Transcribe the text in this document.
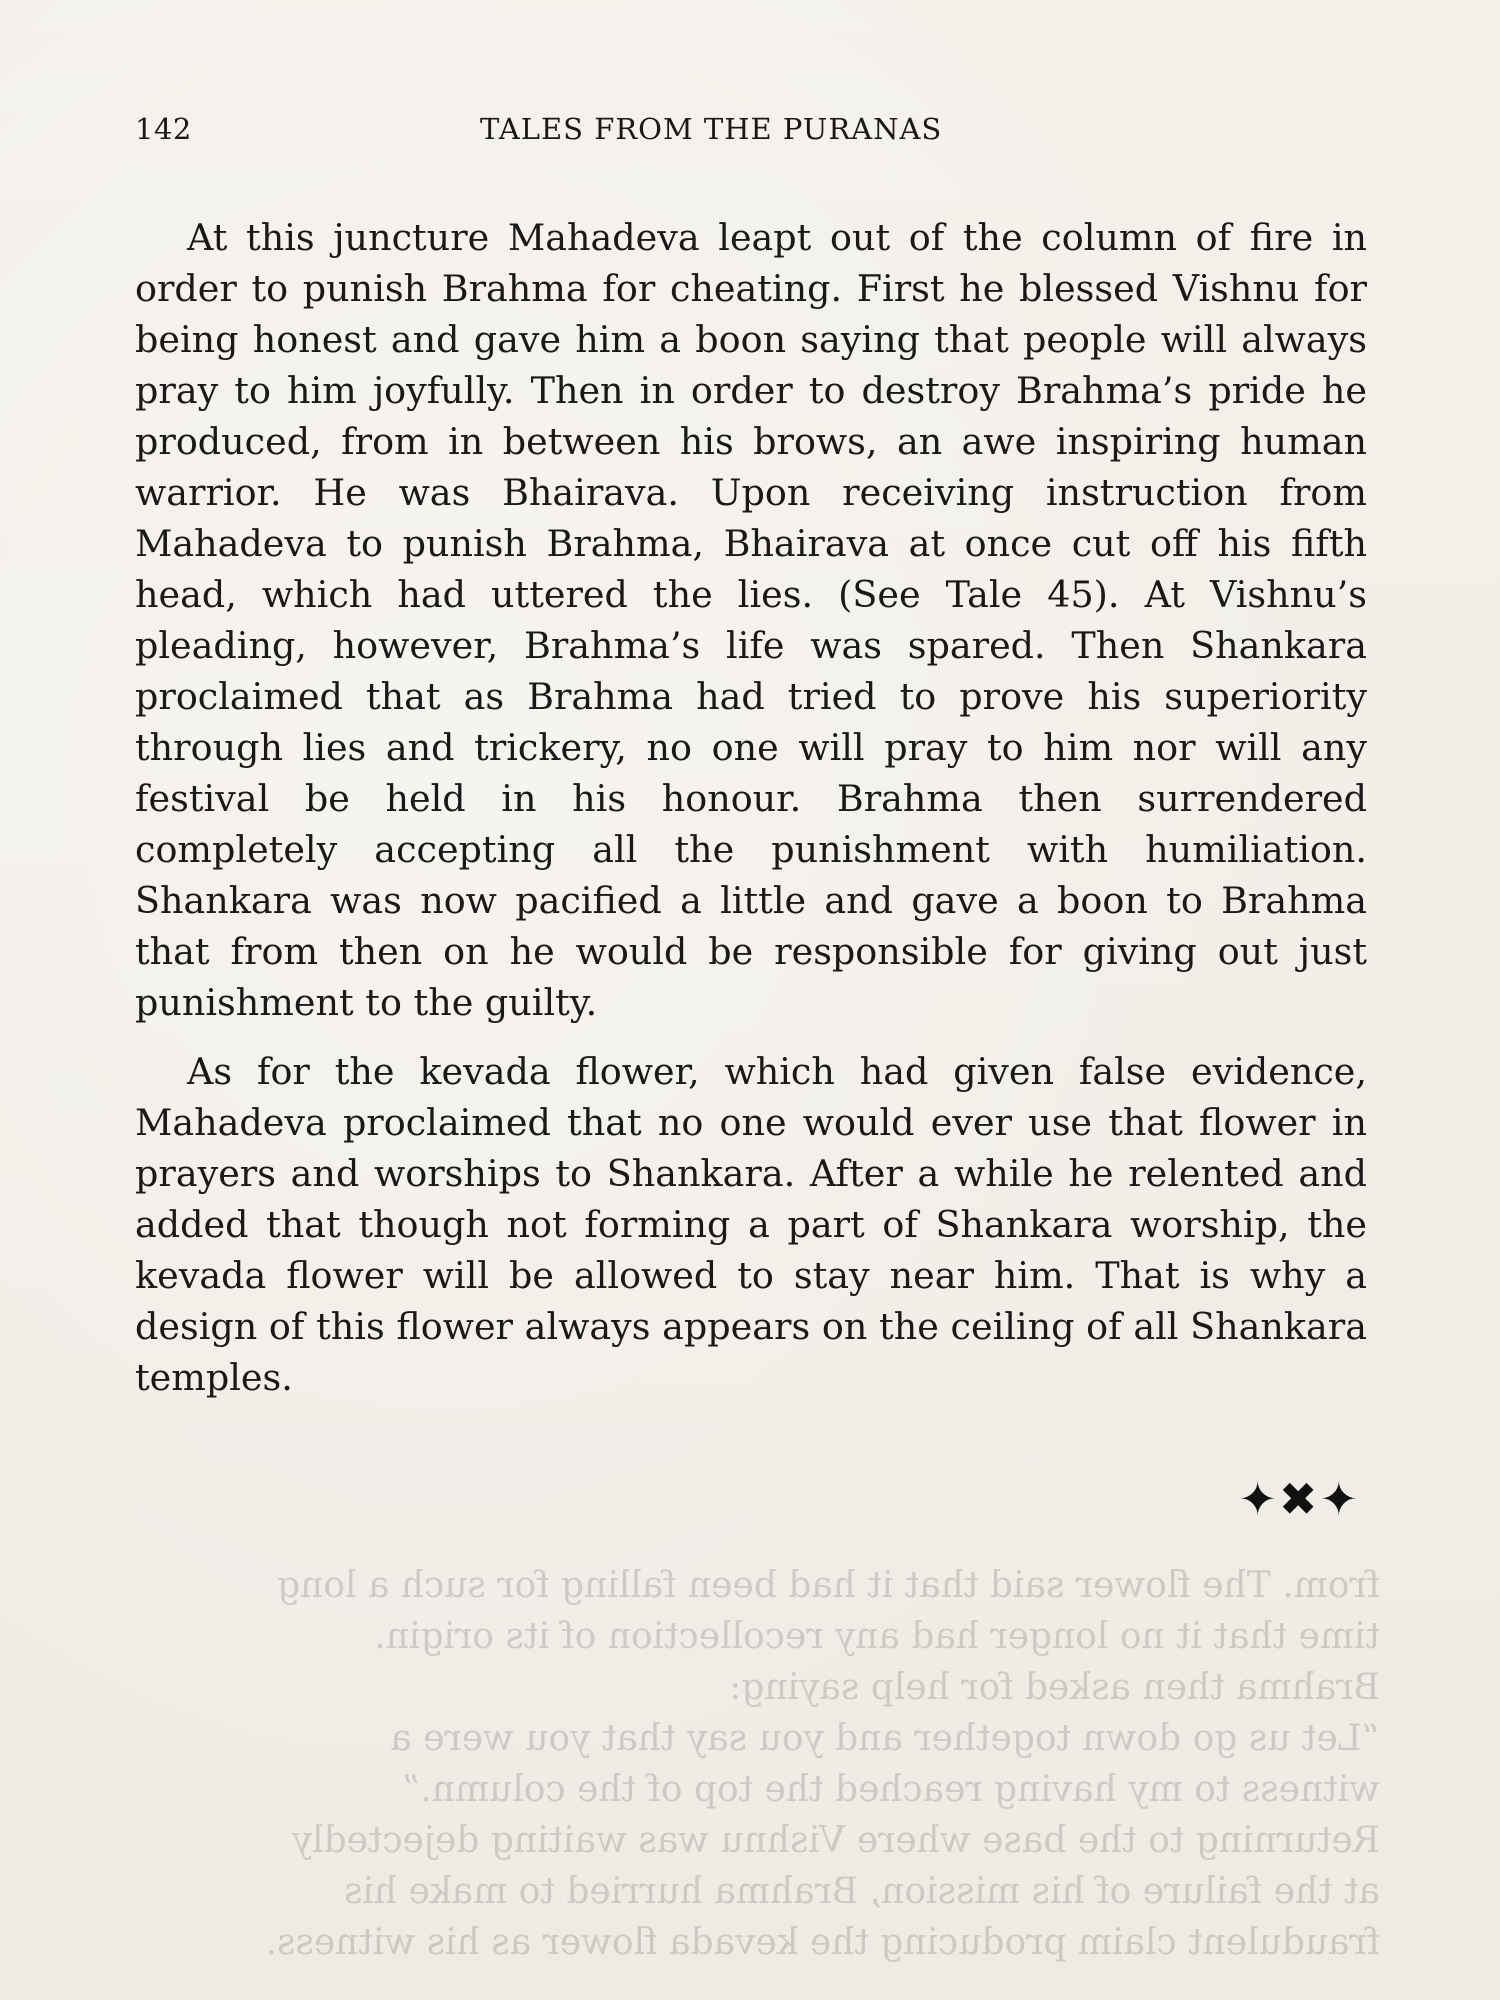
142	TALES FROM THE PURANAS

At this juncture Mahadeva leapt out of the column of fire in order to punish Brahma for cheating. First he blessed Vishnu for being honest and gave him a boon saying that people will always pray to him joyfully. Then in order to destroy Brahma’s pride he produced, from in between his brows, an awe inspiring human warrior. He was Bhairava. Upon receiving instruction from Mahadeva to punish Brahma, Bhairava at once cut off his fifth head, which had uttered the lies. (See Tale 45). At Vishnu’s pleading, however, Brahma’s life was spared. Then Shankara proclaimed that as Brahma had tried to prove his superiority through lies and trickery, no one will pray to him nor will any festival be held in his honour. Brahma then surrendered completely accepting all the punishment with humiliation. Shankara was now pacified a little and gave a boon to Brahma that from then on he would be responsible for giving out just punishment to the guilty.

As for the kevada flower, which had given false evidence, Mahadeva proclaimed that no one would ever use that flower in prayers and worships to Shankara. After a while he relented and added that though not forming a part of Shankara worship, the kevada flower will be allowed to stay near him. That is why a design of this flower always appears on the ceiling of all Shankara temples.

✦✖✦
from. The flower said that it had been falling for such a long
time that it no longer had any recollection of its origin.
Brahma then asked for help saying:
“Let us go down together and you say that you were a
witness to my having reached the top of the column.”
Returning to the base where Vishnu was waiting dejectedly
at the failure of his mission, Brahma hurried to make his
fraudulent claim producing the kevada flower as his witness.
